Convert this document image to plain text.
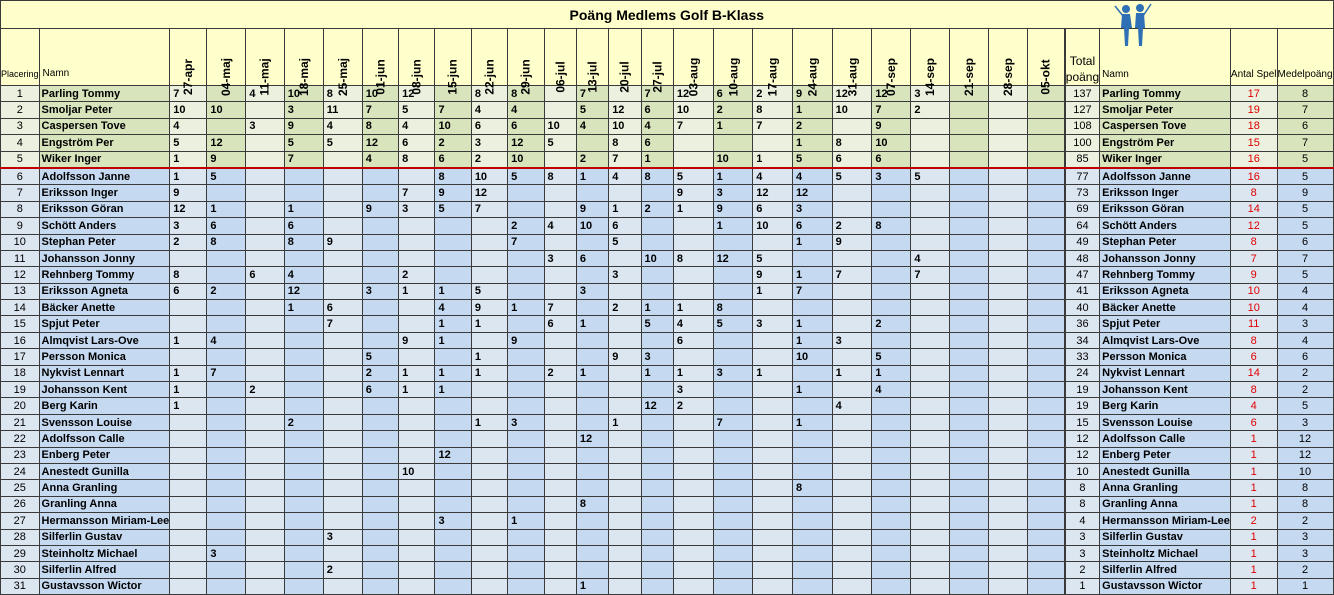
Poäng Medlems Golf B-Klass																													
Placering	Namn	27-apr	04-maj	11-maj	18-maj	25-maj	01-jun	08-jun	15-jun	22-jun	29-jun	06-jul	13-jul	20-jul	27-jul	03-aug	10-aug	17-aug	24-aug	31-aug	07-sep	14-sep	21-sep	28-sep	05-okt		Total poäng	Namn	Antal Spel	Medelpoäng
1	Parling Tommy	7		4	10	8	10	12		8	8		7		7	12	6	2	9	12	12	3					137	Parling Tommy	17	8
2	Smoljar Peter	10	10		3	11	7	5	7	4	4		5	12	6	10	2	8	1	10	7	2					127	Smoljar Peter	19	7
3	Caspersen Tove	4		3	9	4	8	4	10	6	6	10	4	10	4	7	1	7	2		9						108	Caspersen Tove	18	6
4	Engström Per	5	12		5	5	12	6	2	3	12	5		8	6				1	8	10						100	Engström Per	15	7
5	Wiker Inger	1	9		7		4	8	6	2	10		2	7	1		10	1	5	6	6						85	Wiker Inger	16	5
6	Adolfsson Janne	1	5						8	10	5	8	1	4	8	5	1	4	4	5	3	5					77	Adolfsson Janne	16	5
7	Eriksson Inger	9						7	9	12						9	3	12	12								73	Eriksson Inger	8	9
8	Eriksson Göran	12	1		1		9	3	5	7			9	1	2	1	9	6	3								69	Eriksson Göran	14	5
9	Schött Anders	3	6		6						2	4	10	6			1	10	6	2	8						64	Schött Anders	12	5
10	Stephan Peter	2	8		8	9					7			5					1	9							49	Stephan Peter	8	6
11	Johansson Jonny											3	6		10	8	12	5				4					48	Johansson Jonny	7	7
12	Rehnberg Tommy	8		6	4			2						3				9	1	7		7					47	Rehnberg Tommy	9	5
13	Eriksson Agneta	6	2		12		3	1	1	5			3					1	7								41	Eriksson Agneta	10	4
14	Bäcker Anette				1	6			4	9	1	7		2	1	1	8										40	Bäcker Anette	10	4
15	Spjut Peter					7			1	1		6	1		5	4	5	3	1		2						36	Spjut Peter	11	3
16	Almqvist Lars-Ove	1	4					9	1		9					6			1	3							34	Almqvist Lars-Ove	8	4
17	Persson Monica						5			1				9	3				10		5						33	Persson Monica	6	6
18	Nykvist Lennart	1	7				2	1	1	1		2	1		1	1	3	1		1	1						24	Nykvist Lennart	14	2
19	Johansson Kent	1		2			6	1	1							3			1		4						19	Johansson Kent	8	2
20	Berg Karin	1													12	2				4							19	Berg Karin	4	5
21	Svensson Louise				2					1	3			1			7		1								15	Svensson Louise	6	3
22	Adolfsson Calle												12														12	Adolfsson Calle	1	12
23	Enberg Peter								12																		12	Enberg Peter	1	12
24	Anestedt Gunilla							10																			10	Anestedt Gunilla	1	10
25	Anna Granling																		8								8	Anna Granling	1	8
26	Granling Anna												8														8	Granling Anna	1	8
27	Hermansson Miriam-Lee								3		1																4	Hermansson Miriam-Lee	2	2
28	Silferlin Gustav					3																					3	Silferlin Gustav	1	3
29	Steinholtz Michael		3																								3	Steinholtz Michael	1	3
30	Silferlin Alfred					2																					2	Silferlin Alfred	1	2
31	Gustavsson Wictor												1														1	Gustavsson Wictor	1	1
